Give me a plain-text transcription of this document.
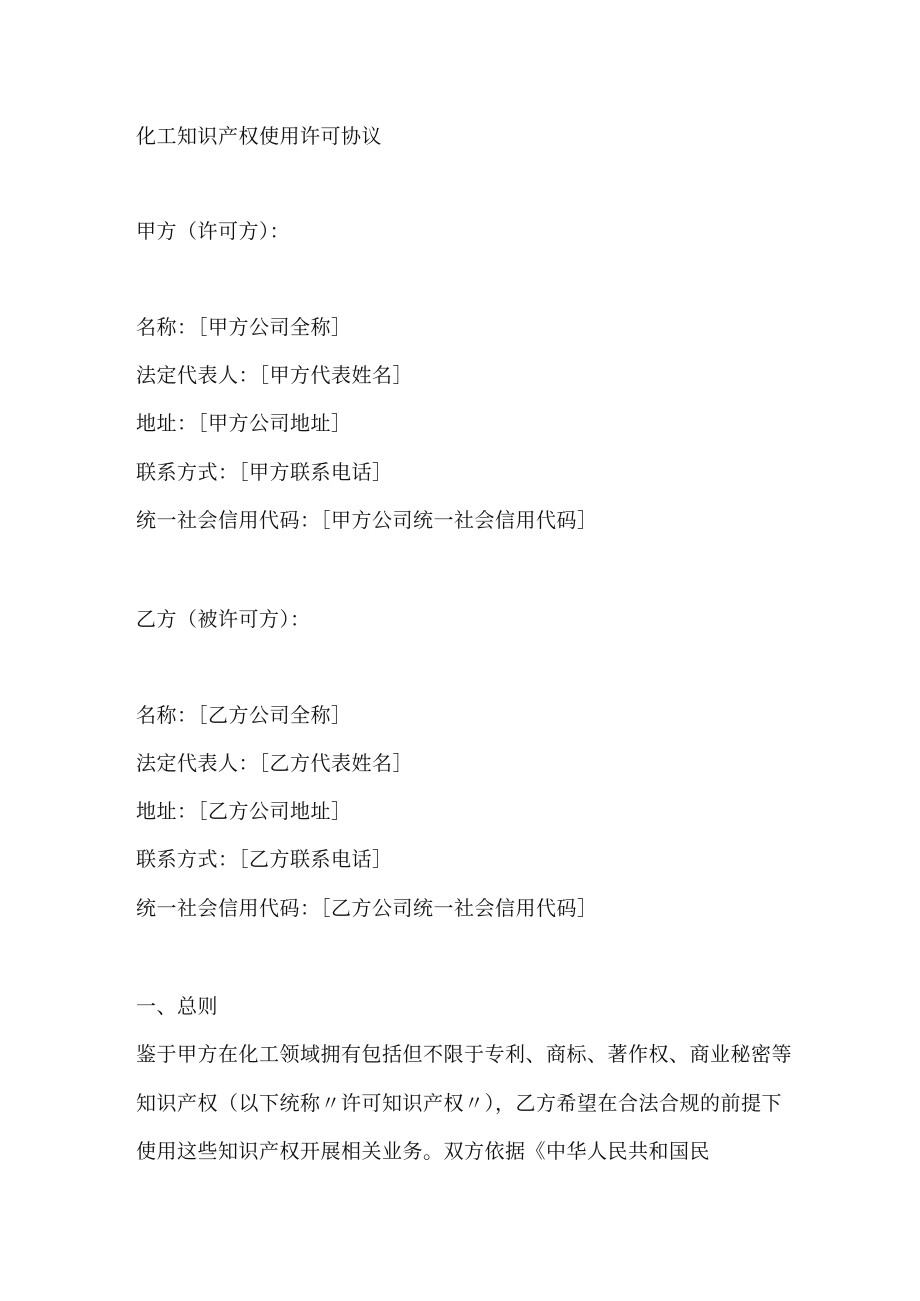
化工知识产权使用许可协议
甲方（许可方）：
名称：［甲方公司全称］
法定代表人：［甲方代表姓名］
地址：［甲方公司地址］
联系方式：［甲方联系电话］
统一社会信用代码：［甲方公司统一社会信用代码］
乙方（被许可方）：
名称：［乙方公司全称］
法定代表人：［乙方代表姓名］
地址：［乙方公司地址］
联系方式：［乙方联系电话］
统一社会信用代码：［乙方公司统一社会信用代码］
一、总则
鉴于甲方在化工领域拥有包括但不限于专利、商标、著作权、商业秘密等
知识产权（以下统称〃许可知识产权〃），乙方希望在合法合规的前提下
使用这些知识产权开展相关业务。双方依据《中华人民共和国民
